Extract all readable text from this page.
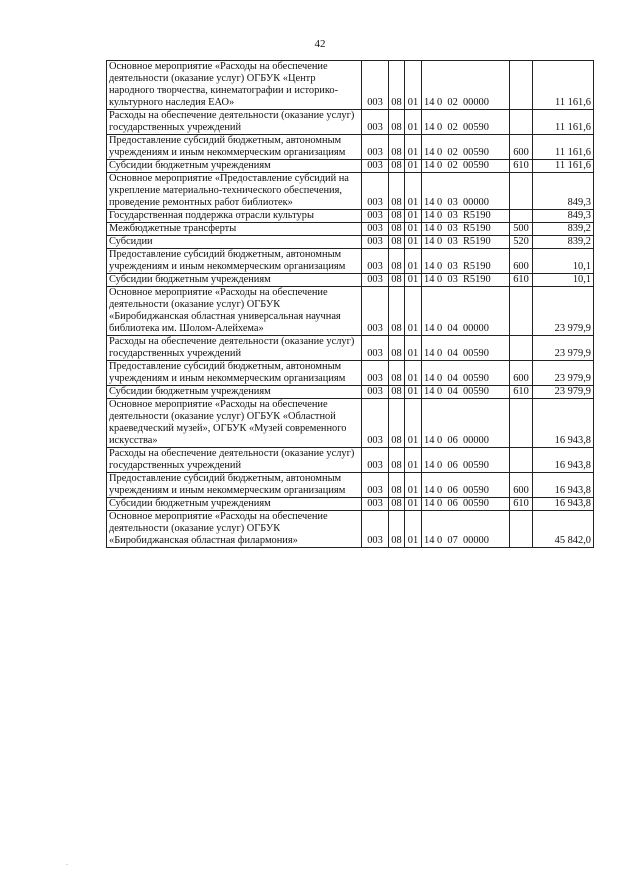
42
Основное мероприятие «Расходы на обеспечение деятельности (оказание услуг) ОГБУК «Центр народного творчества, кинематографии и историко-культурного наследия ЕАО»	003	08	01	14 0  02  00000		11 161,6
Расходы на обеспечение деятельности (оказание услуг) государственных учреждений	003	08	01	14 0  02  00590		11 161,6
Предоставление субсидий бюджетным, автономным учреждениям и иным некоммерческим организациям	003	08	01	14 0  02  00590	600	11 161,6
Субсидии бюджетным учреждениям	003	08	01	14 0  02  00590	610	11 161,6
Основное мероприятие «Предоставление субсидий на укрепление материально-технического обеспечения, проведение ремонтных работ библиотек»	003	08	01	14 0  03  00000		849,3
Государственная поддержка отрасли культуры	003	08	01	14 0  03  R5190		849,3
Межбюджетные трансферты	003	08	01	14 0  03  R5190	500	839,2
Субсидии	003	08	01	14 0  03  R5190	520	839,2
Предоставление субсидий бюджетным, автономным учреждениям и иным некоммерческим организациям	003	08	01	14 0  03  R5190	600	10,1
Субсидии бюджетным учреждениям	003	08	01	14 0  03  R5190	610	10,1
Основное мероприятие «Расходы на обеспечение деятельности (оказание услуг) ОГБУК «Биробиджанская областная универсальная научная библиотека им. Шолом-Алейхема»	003	08	01	14 0  04  00000		23 979,9
Расходы на обеспечение деятельности (оказание услуг) государственных учреждений	003	08	01	14 0  04  00590		23 979,9
Предоставление субсидий бюджетным, автономным учреждениям и иным некоммерческим организациям	003	08	01	14 0  04  00590	600	23 979,9
Субсидии бюджетным учреждениям	003	08	01	14 0  04  00590	610	23 979,9
Основное мероприятие «Расходы на обеспечение деятельности (оказание услуг) ОГБУК «Областной краеведческий музей», ОГБУК «Музей современного искусства»	003	08	01	14 0  06  00000		16 943,8
Расходы на обеспечение деятельности (оказание услуг) государственных учреждений	003	08	01	14 0  06  00590		16 943,8
Предоставление субсидий бюджетным, автономным учреждениям и иным некоммерческим организациям	003	08	01	14 0  06  00590	600	16 943,8
Субсидии бюджетным учреждениям	003	08	01	14 0  06  00590	610	16 943,8
Основное мероприятие «Расходы на обеспечение деятельности (оказание услуг) ОГБУК «Биробиджанская областная филармония»	003	08	01	14 0  07  00000		45 842,0
.
